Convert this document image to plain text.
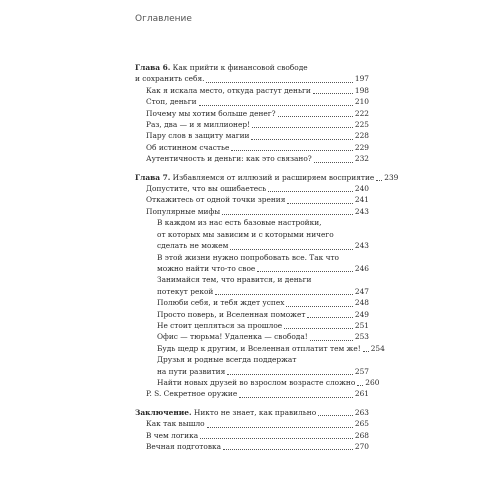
Оглавление
Глава 6. Как прийти к финансовой свободе
и сохранить себя.	197
Как я искала место, откуда растут деньги	198
Стоп, деньги	210
Почему мы хотим больше денег?	222
Раз, два — и я миллионер!	225
Пару слов в защиту магии	228
Об истинном счастье	229
Аутентичность и деньги: как это связано?	232
Глава 7. Избавляемся от иллюзий и расширяем восприятие 239
Допустите, что вы ошибаетесь	240
Откажитесь от одной точки зрения	241
Популярные мифы	243
В каждом из нас есть базовые настройки,
от которых мы зависим и с которыми ничего
сделать не можем	243
В этой жизни нужно попробовать все. Так что
можно найти что-то свое	246
Занимайся тем, что нравится, и деньги
потекут рекой	247
Полюби себя, и тебя ждет успех	248
Просто поверь, и Вселенная поможет	249
Не стоит цепляться за прошлое	251
Офис — тюрьма! Удаленка — свобода!	253
Будь щедр к другим, и Вселенная отплатит тем же! 254
Друзья и родные всегда поддержат
на пути развития	257
Найти новых друзей во взрослом возрасте сложно 260
P. S. Секретное оружие	261
Заключение. Никто не знает, как правильно	263
Как так вышло	265
В чем логика	268
Вечная подготовка	270
